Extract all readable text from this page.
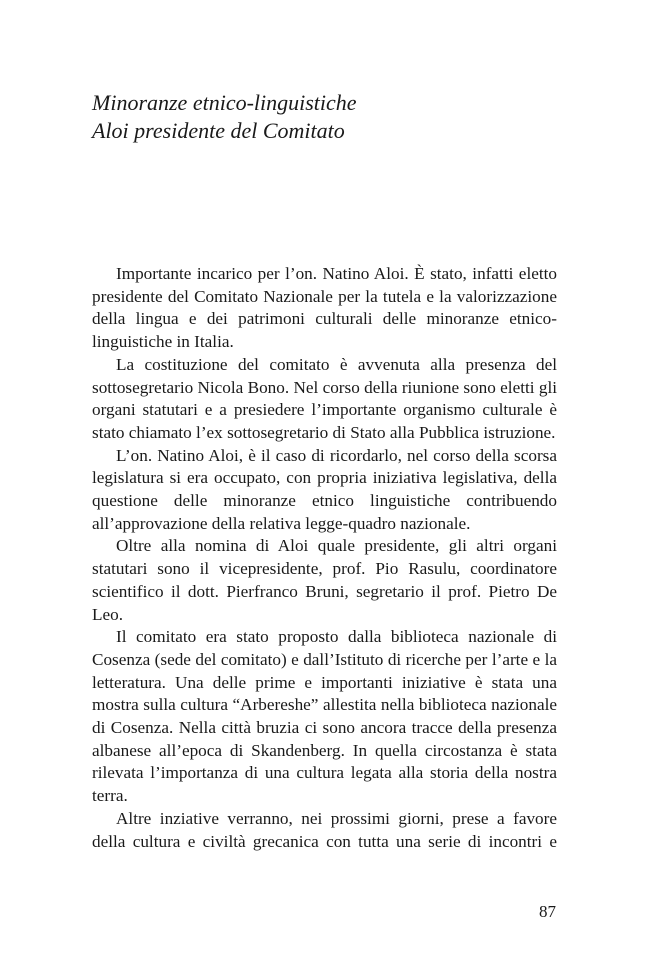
Minoranze etnico-linguistiche
Aloi presidente del Comitato

Importante incarico per l’on. Natino Aloi. È stato, infatti eletto presidente del Comitato Nazionale per la tutela e la valorizzazione della lingua e dei patrimoni culturali delle minoranze etnico-linguistiche in Italia.

La costituzione del comitato è avvenuta alla presenza del sottosegretario Nicola Bono. Nel corso della riunione sono eletti gli organi statutari e a presiedere l’importante organismo culturale è stato chiamato l’ex sottosegretario di Stato alla Pubblica istruzione.

L’on. Natino Aloi, è il caso di ricordarlo, nel corso della scorsa legislatura si era occupato, con propria iniziativa legislativa, della questione delle minoranze etnico linguistiche contribuendo all’approvazione della relativa legge-quadro nazionale.

Oltre alla nomina di Aloi quale presidente, gli altri organi statutari sono il vicepresidente, prof. Pio Rasulu, coordinatore scientifico il dott. Pierfranco Bruni, segretario il prof. Pietro De Leo.

Il comitato era stato proposto dalla biblioteca nazionale di Cosenza (sede del comitato) e dall’Istituto di ricerche per l’arte e la letteratura. Una delle prime e importanti iniziative è stata una mostra sulla cultura “Arbereshe” allestita nella biblioteca nazionale di Cosenza. Nella città bruzia ci sono ancora tracce della presenza albanese all’epoca di Skandenberg. In quella circostanza è stata rilevata l’importanza di una cultura legata alla storia della nostra terra.

Altre inziative verranno, nei prossimi giorni, prese a favore della cultura e civiltà grecanica con tutta una serie di incontri e

87
